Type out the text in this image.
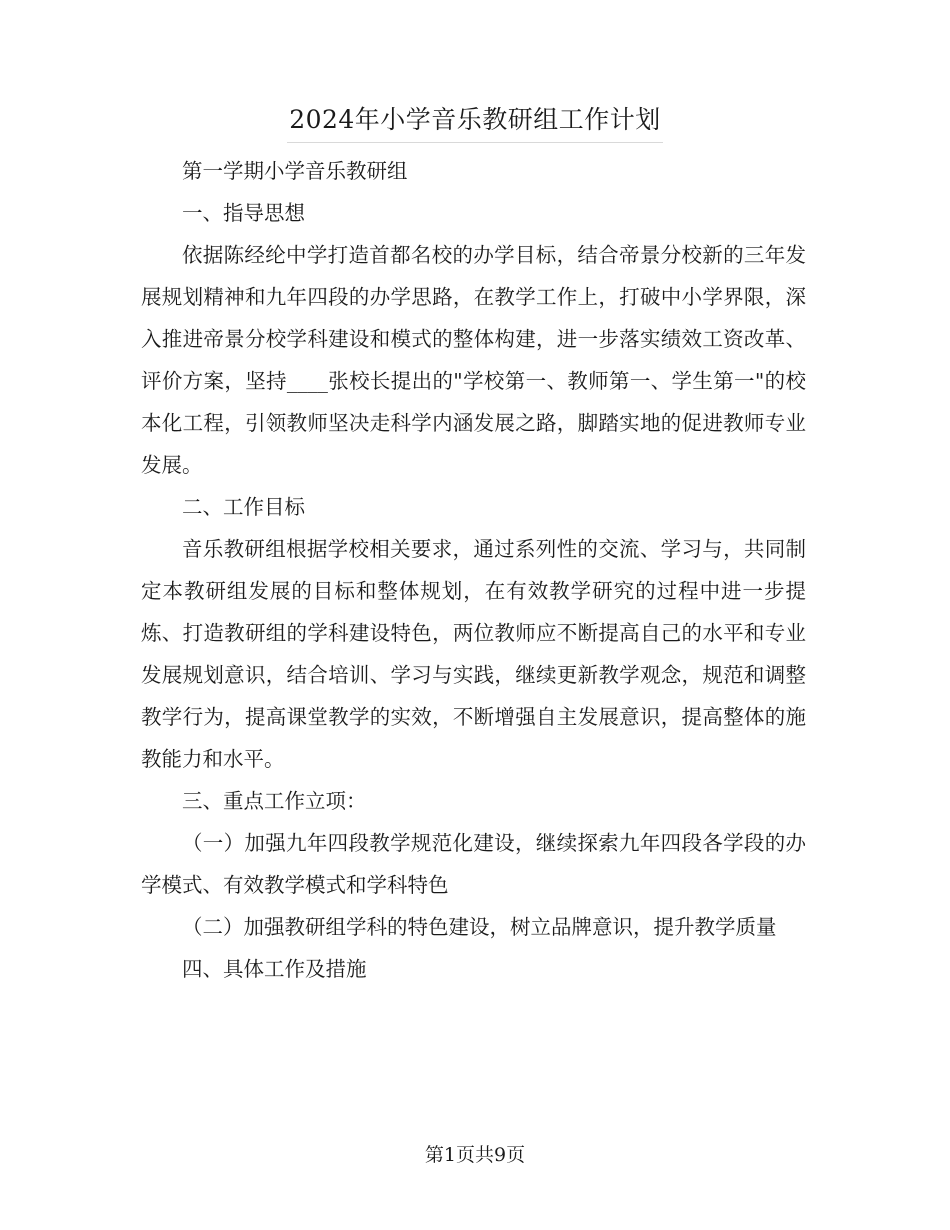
2024年小学音乐教研组工作计划

第一学期小学音乐教研组

一、指导思想

依据陈经纶中学打造首都名校的办学目标，结合帝景分校新的三年发展规划精神和九年四段的办学思路，在教学工作上，打破中小学界限，深入推进帝景分校学科建设和模式的整体构建，进一步落实绩效工资改革、评价方案，坚持____张校长提出的"学校第一、教师第一、学生第一"的校本化工程，引领教师坚决走科学内涵发展之路，脚踏实地的促进教师专业发展。

二、工作目标

音乐教研组根据学校相关要求，通过系列性的交流、学习与，共同制定本教研组发展的目标和整体规划，在有效教学研究的过程中进一步提炼、打造教研组的学科建设特色，两位教师应不断提高自己的水平和专业发展规划意识，结合培训、学习与实践，继续更新教学观念，规范和调整教学行为，提高课堂教学的实效，不断增强自主发展意识，提高整体的施教能力和水平。

三、重点工作立项：

（一）加强九年四段教学规范化建设，继续探索九年四段各学段的办学模式、有效教学模式和学科特色

（二）加强教研组学科的特色建设，树立品牌意识，提升教学质量

四、具体工作及措施

第1页共9页
